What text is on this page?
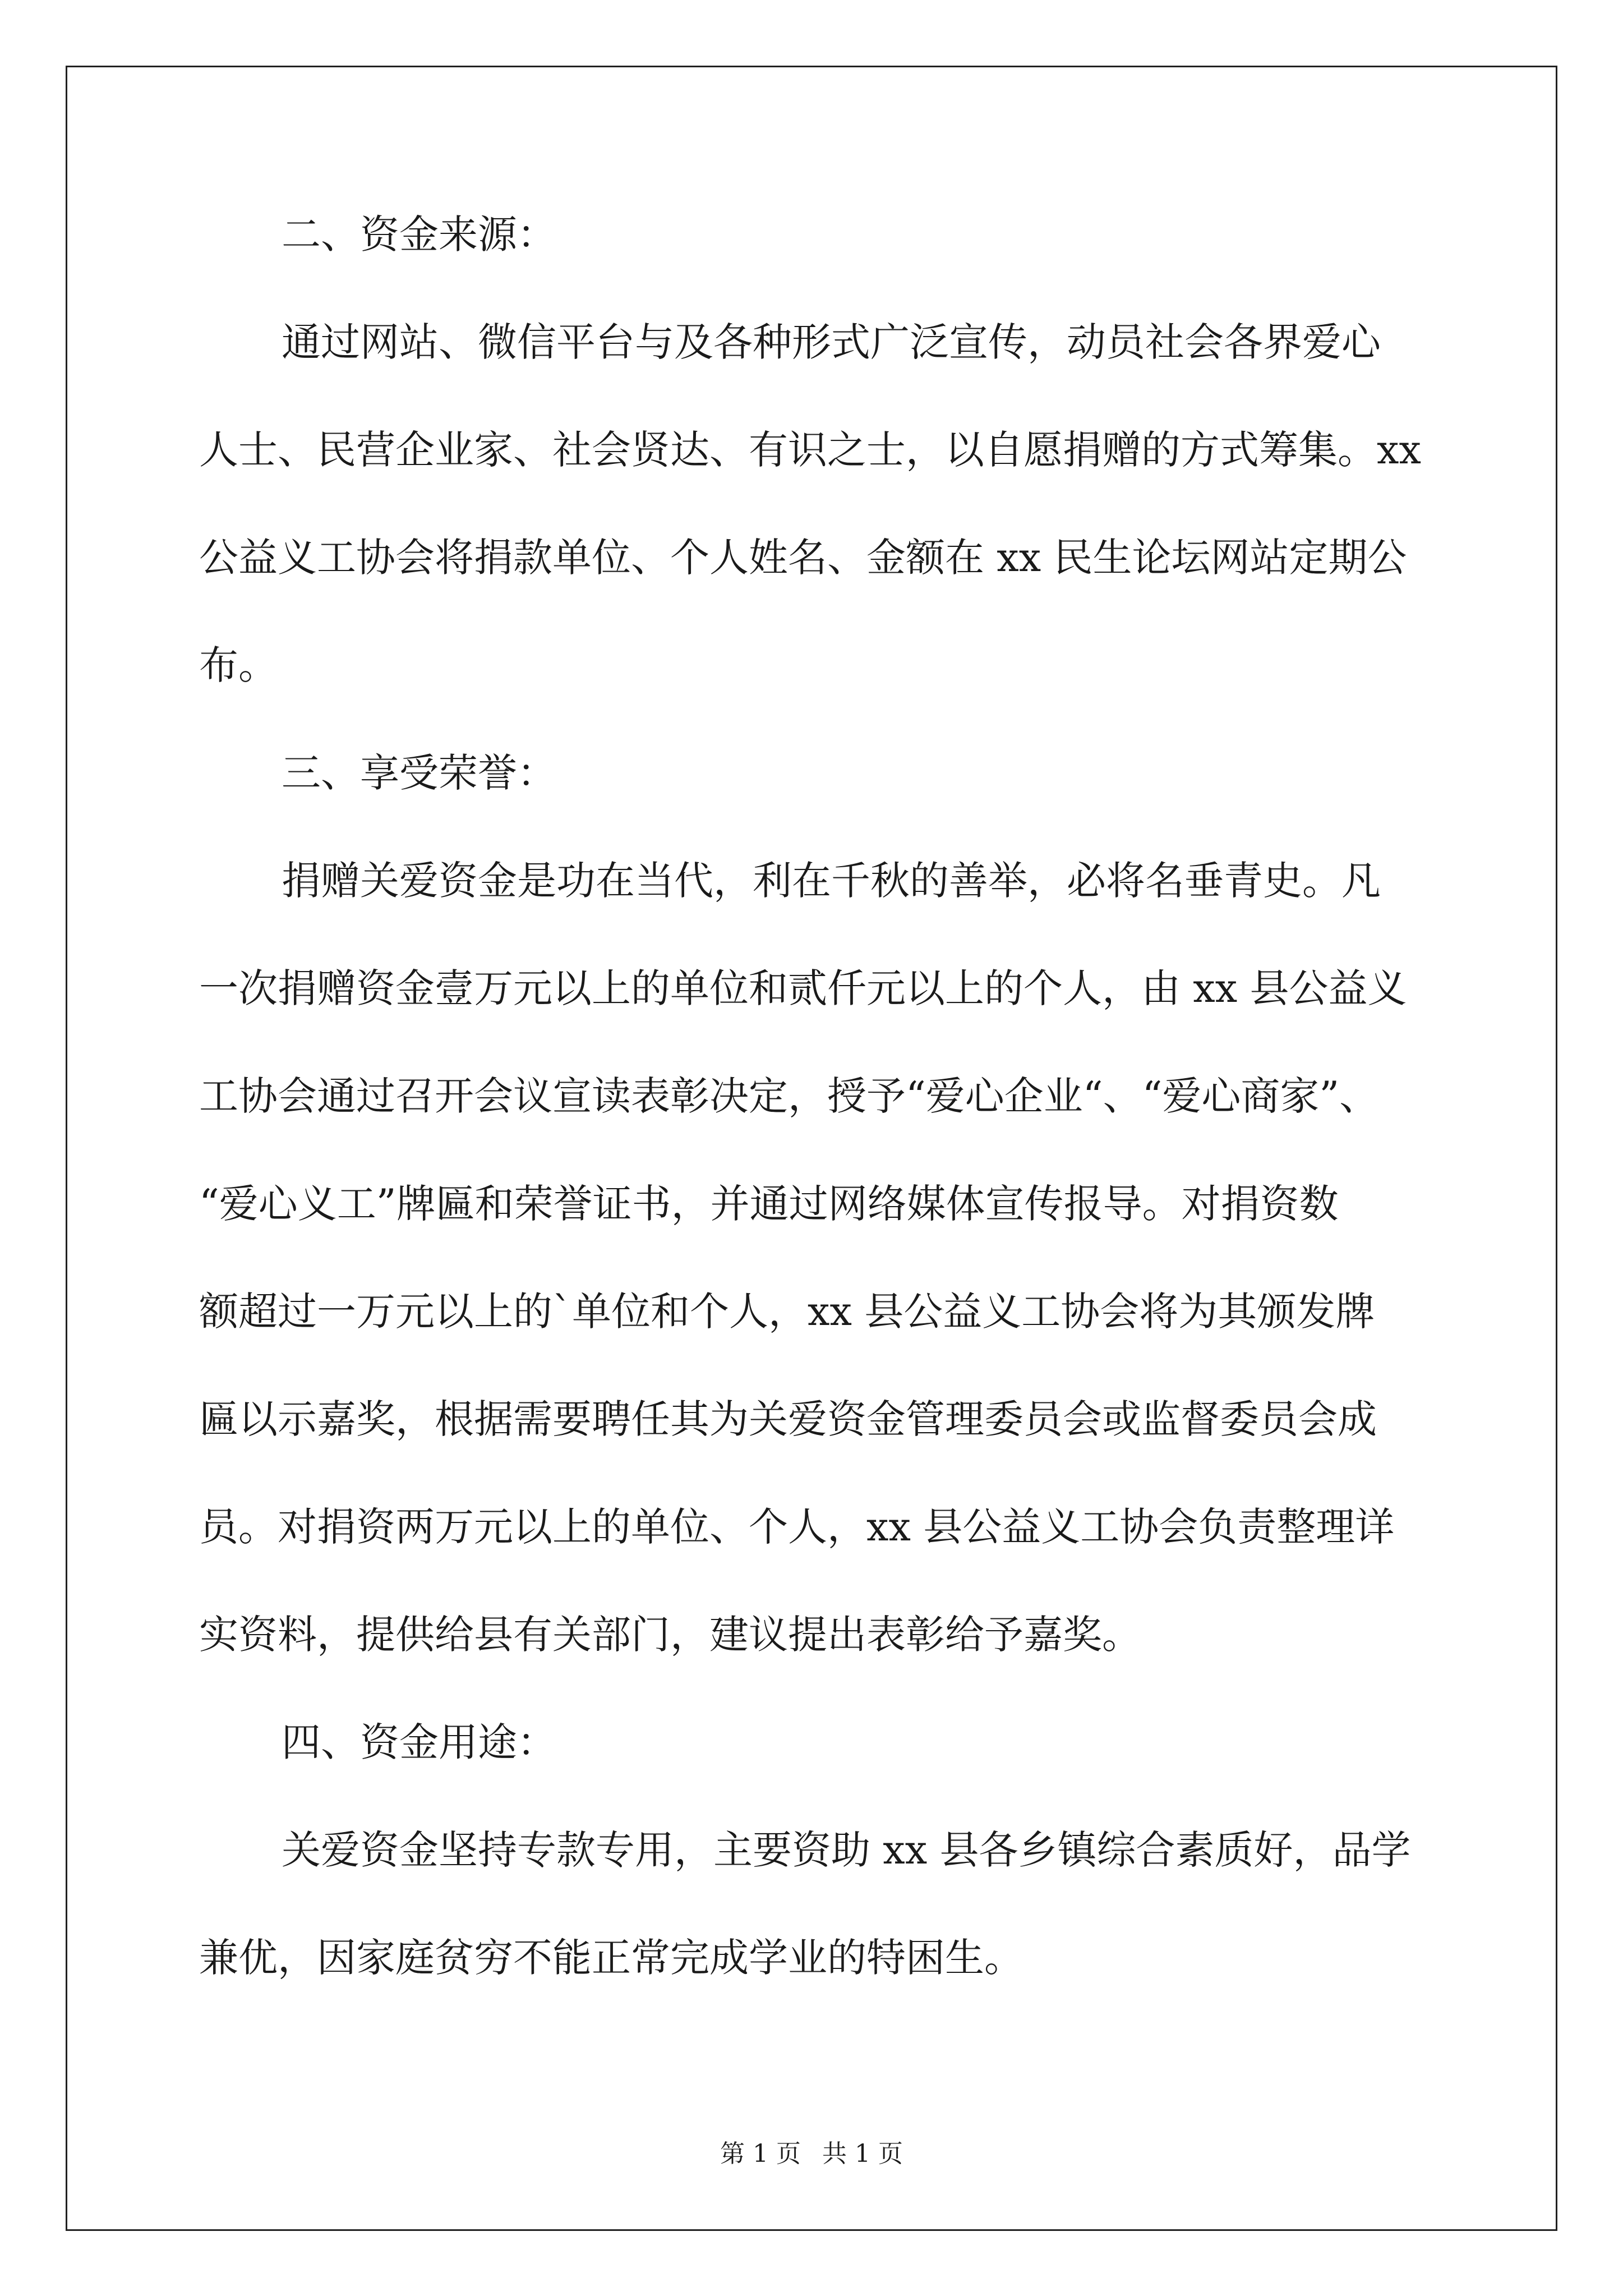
二、资金来源：
通过网站、微信平台与及各种形式广泛宣传，动员社会各界爱心
人士、民营企业家、社会贤达、有识之士，以自愿捐赠的方式筹集。xx
公益义工协会将捐款单位、个人姓名、金额在 xx 民生论坛网站定期公
布。
三、享受荣誉：
捐赠关爱资金是功在当代，利在千秋的善举，必将名垂青史。凡
一次捐赠资金壹万元以上的单位和贰仟元以上的个人，由 xx 县公益义
工协会通过召开会议宣读表彰决定，授予“爱心企业“、“爱心商家”、
“爱心义工”牌匾和荣誉证书，并通过网络媒体宣传报导。对捐资数
额超过一万元以上的`单位和个人，xx 县公益义工协会将为其颁发牌
匾以示嘉奖，根据需要聘任其为关爱资金管理委员会或监督委员会成
员。对捐资两万元以上的单位、个人，xx 县公益义工协会负责整理详
实资料，提供给县有关部门，建议提出表彰给予嘉奖。
四、资金用途：
关爱资金坚持专款专用，主要资助 xx 县各乡镇综合素质好，品学
兼优，因家庭贫穷不能正常完成学业的特困生。
第 1 页 共 1 页
